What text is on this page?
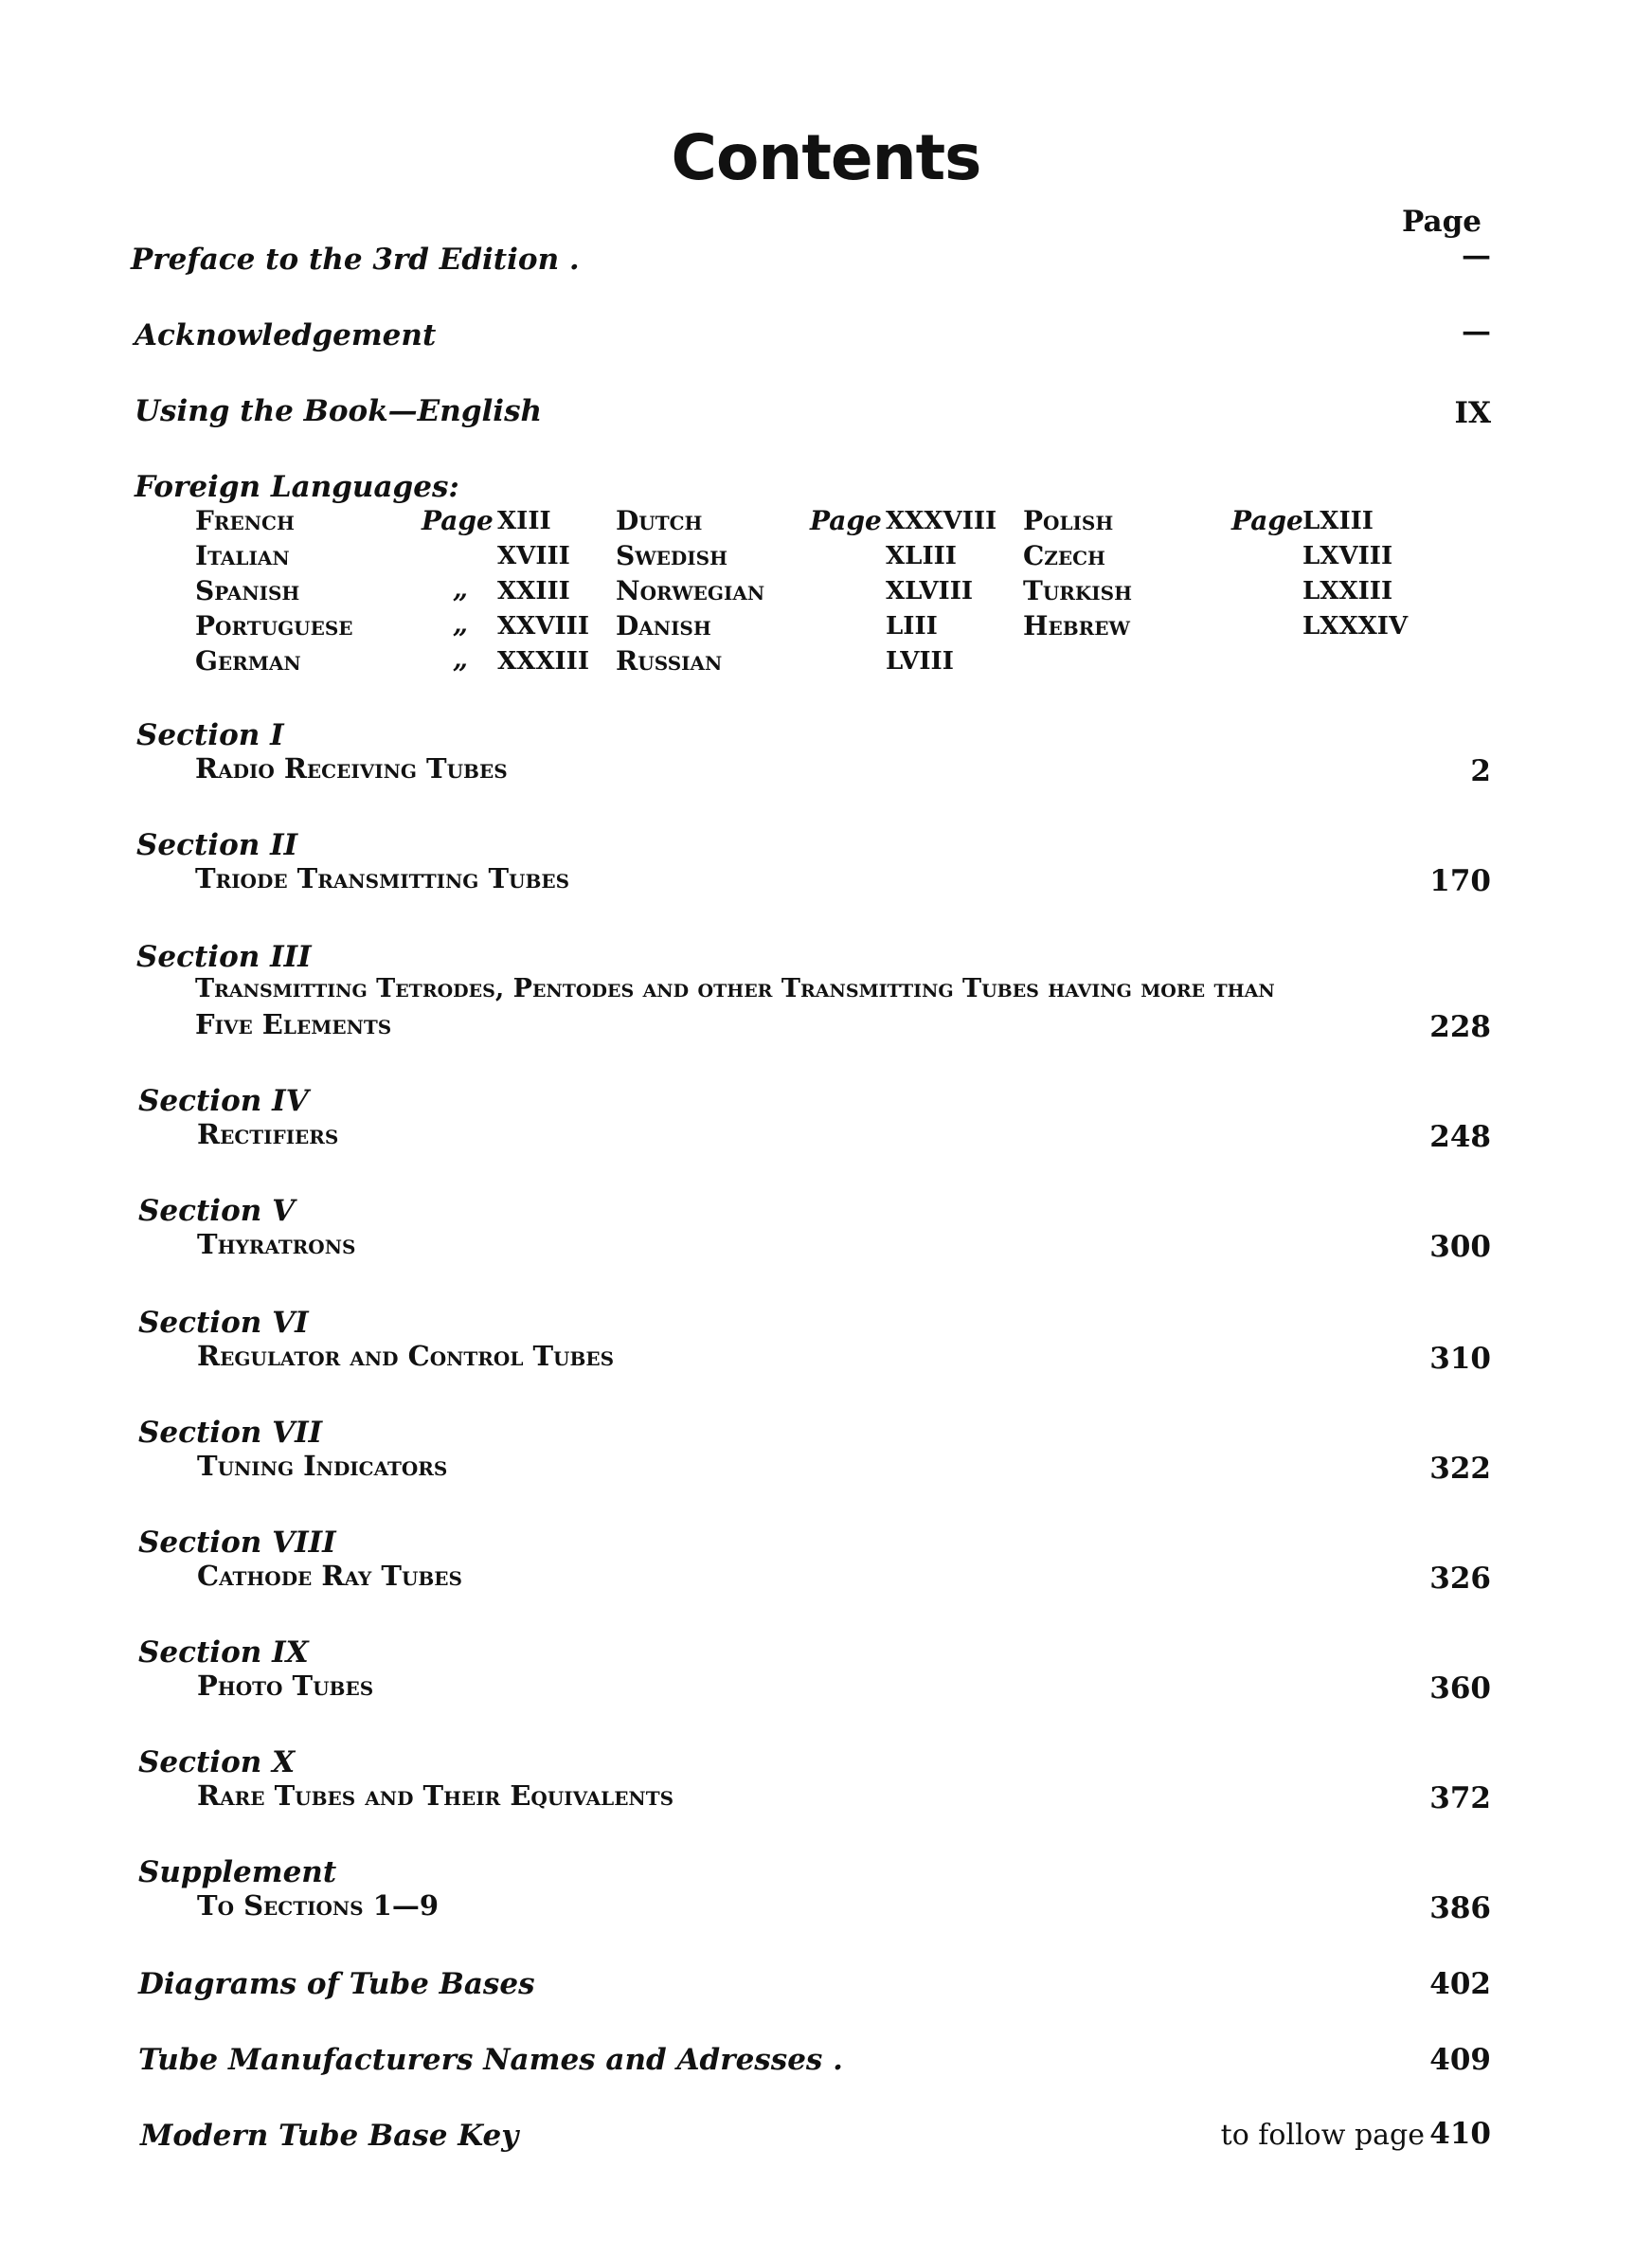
Contents
Page
Preface to the 3rd Edition .	—
Acknowledgement	—
Using the Book—English	IX
Foreign Languages:
French	Page XIII
Italian	XVIII
Spanish	„ XXIII
Portuguese	„ XXVIII
German	„ XXXIII
Dutch	Page XXXVIII
Swedish	XLIII
Norwegian	XLVIII
Danish	LIII
Russian	LVIII
Polish	Page LXIII
Czech	LXVIII
Turkish	LXXIII
Hebrew	LXXXIV
Section I
Radio Receiving Tubes	2
Section II
Triode Transmitting Tubes	170
Section III
Transmitting Tetrodes, Pentodes and other Transmitting Tubes having more than
Five Elements	228
Section IV
Rectifiers	248
Section V
Thyratrons	300
Section VI
Regulator and Control Tubes	310
Section VII
Tuning Indicators	322
Section VIII
Cathode Ray Tubes	326
Section IX
Photo Tubes	360
Section X
Rare Tubes and Their Equivalents	372
Supplement
To Sections 1—9	386
Diagrams of Tube Bases	402
Tube Manufacturers Names and Adresses .	409
Modern Tube Base Key	to follow page 410
